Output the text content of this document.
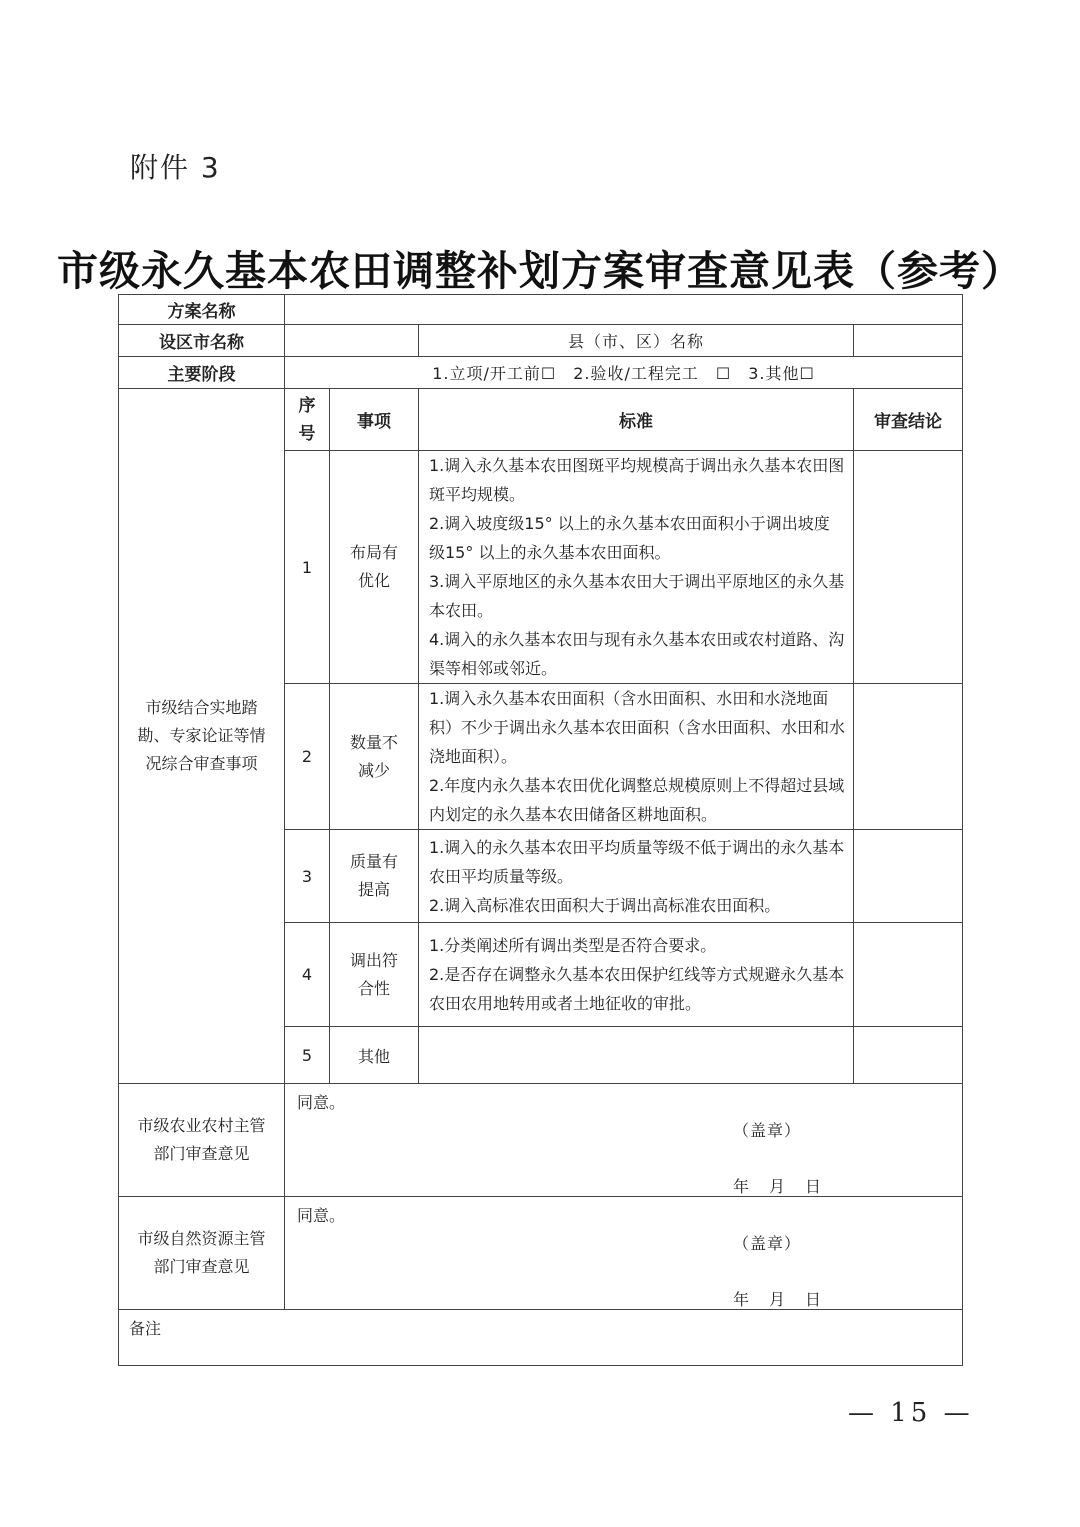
附件 3
市级永久基本农田调整补划方案审查意见表（参考）
方案名称				
设区市名称			县（市、区）名称	
主要阶段	1.立项/开工前☐　2.验收/工程完工　☐　3.其他☐			
市级结合实地踏勘、专家论证等情况综合审查事项	序号	事项	标准	审查结论
	1	布局有优化	1.调入永久基本农田图斑平均规模高于调出永久基本农田图斑平均规模。
2.调入坡度级15° 以上的永久基本农田面积小于调出坡度级15° 以上的永久基本农田面积。
3.调入平原地区的永久基本农田大于调出平原地区的永久基本农田。
4.调入的永久基本农田与现有永久基本农田或农村道路、沟渠等相邻或邻近。	

	2	数量不减少	1.调入永久基本农田面积（含水田面积、水田和水浇地面积）不少于调出永久基本农田面积（含水田面积、水田和水浇地面积）。
2.年度内永久基本农田优化调整总规模原则上不得超过县域内划定的永久基本农田储备区耕地面积。	

	3	质量有提高	1.调入的永久基本农田平均质量等级不低于调出的永久基本农田平均质量等级。
2.调入高标准农田面积大于调出高标准农田面积。	

	4	调出符合性	1.分类阐述所有调出类型是否符合要求。
2.是否存在调整永久基本农田保护红线等方式规避永久基本农田农用地转用或者土地征收的审批。	

	5	其他		
市级农业农村主管部门审查意见	同意。
（盖章）
年　月　日			

市级自然资源主管部门审查意见	同意。
（盖章）
年　月　日			

备注				
— 15 —
